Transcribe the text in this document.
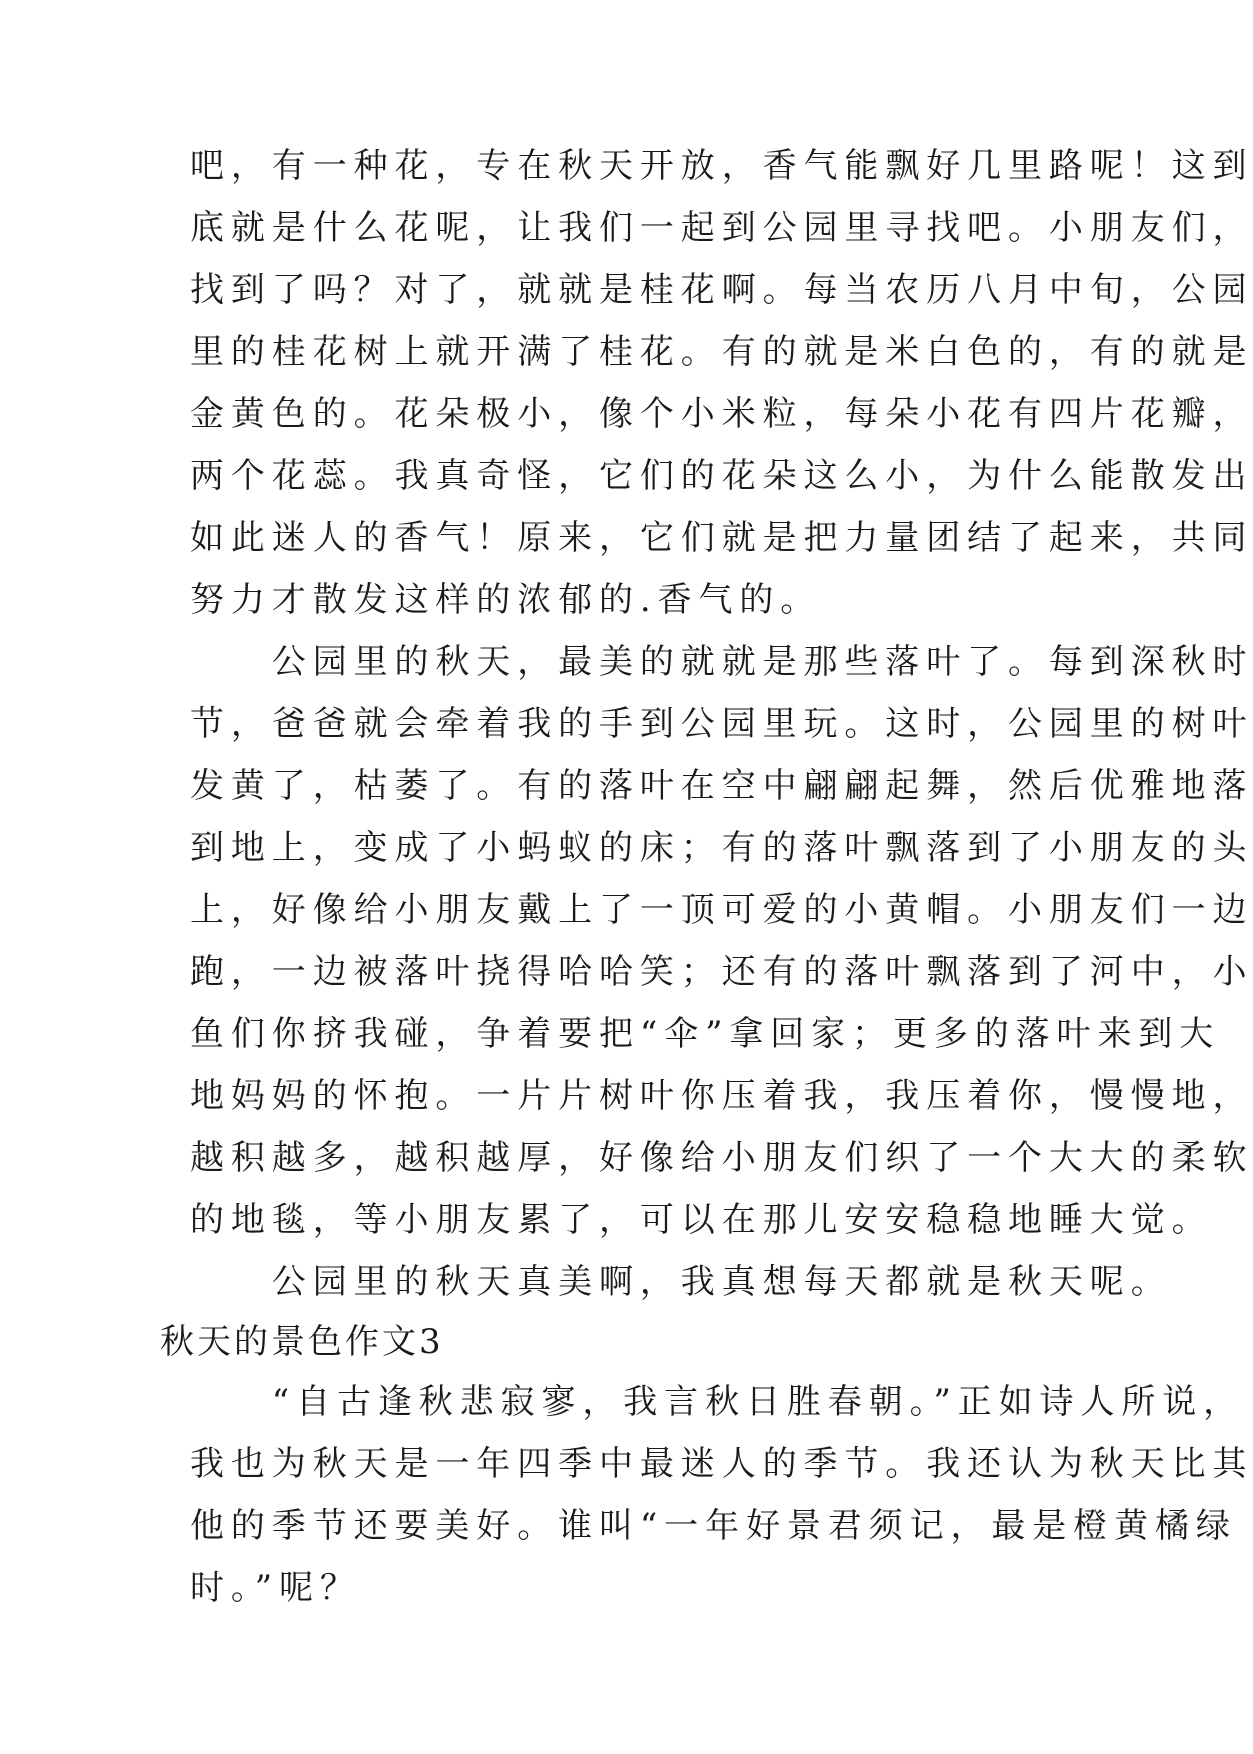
吧，有一种花，专在秋天开放，香气能飘好几里路呢！这到
底就是什么花呢，让我们一起到公园里寻找吧。小朋友们，
找到了吗？对了，就就是桂花啊。每当农历八月中旬，公园
里的桂花树上就开满了桂花。有的就是米白色的，有的就是
金黄色的。花朵极小，像个小米粒，每朵小花有四片花瓣，
两个花蕊。我真奇怪，它们的花朵这么小，为什么能散发出
如此迷人的香气！原来，它们就是把力量团结了起来，共同
努力才散发这样的浓郁的.香气的。
　　公园里的秋天，最美的就就是那些落叶了。每到深秋时
节，爸爸就会牵着我的手到公园里玩。这时，公园里的树叶
发黄了，枯萎了。有的落叶在空中翩翩起舞，然后优雅地落
到地上，变成了小蚂蚁的床；有的落叶飘落到了小朋友的头
上，好像给小朋友戴上了一顶可爱的小黄帽。小朋友们一边
跑，一边被落叶挠得哈哈笑；还有的落叶飘落到了河中，小
鱼们你挤我碰，争着要把“伞”拿回家；更多的落叶来到大
地妈妈的怀抱。一片片树叶你压着我，我压着你，慢慢地，
越积越多，越积越厚，好像给小朋友们织了一个大大的柔软
的地毯，等小朋友累了，可以在那儿安安稳稳地睡大觉。
　　公园里的秋天真美啊，我真想每天都就是秋天呢。
秋天的景色作文3
　　“自古逢秋悲寂寥，我言秋日胜春朝。”正如诗人所说，
我也为秋天是一年四季中最迷人的季节。我还认为秋天比其
他的季节还要美好。谁叫“一年好景君须记，最是橙黄橘绿
时。”呢？
